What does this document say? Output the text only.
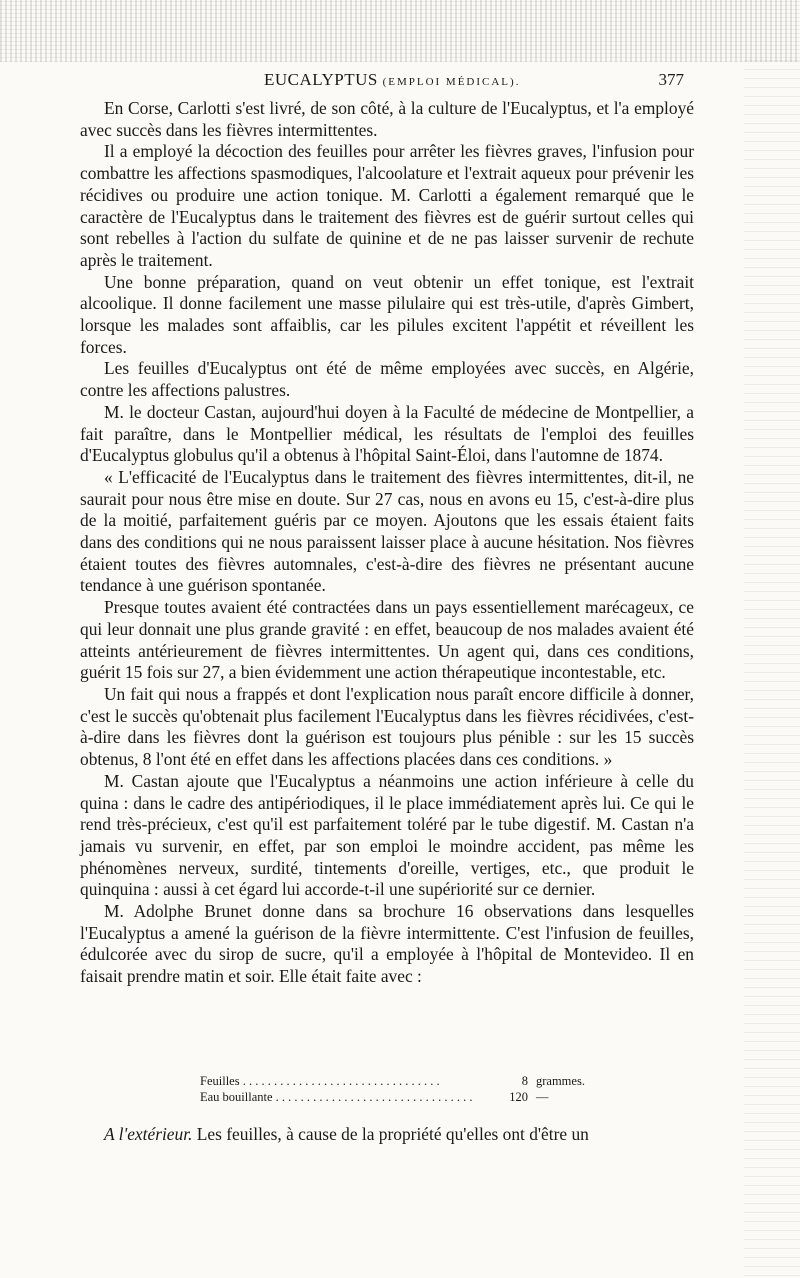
EUCALYPTUS (EMPLOI MÉDICAL).	377

En Corse, Carlotti s'est livré, de son côté, à la culture de l'Eucalyptus, et l'a employé avec succès dans les fièvres intermittentes.

Il a employé la décoction des feuilles pour arrêter les fièvres graves, l'infusion pour combattre les affections spasmodiques, l'alcoolature et l'extrait aqueux pour prévenir les récidives ou produire une action tonique. M. Carlotti a également remarqué que le caractère de l'Eucalyptus dans le traitement des fièvres est de guérir surtout celles qui sont rebelles à l'action du sulfate de quinine et de ne pas laisser survenir de rechute après le traitement.

Une bonne préparation, quand on veut obtenir un effet tonique, est l'extrait alcoolique. Il donne facilement une masse pilulaire qui est très-utile, d'après Gimbert, lorsque les malades sont affaiblis, car les pilules excitent l'appétit et réveillent les forces.

Les feuilles d'Eucalyptus ont été de même employées avec succès, en Algérie, contre les affections palustres.

M. le docteur Castan, aujourd'hui doyen à la Faculté de médecine de Montpellier, a fait paraître, dans le Montpellier médical, les résultats de l'emploi des feuilles d'Eucalyptus globulus qu'il a obtenus à l'hôpital Saint-Éloi, dans l'automne de 1874.

« L'efficacité de l'Eucalyptus dans le traitement des fièvres intermittentes, dit-il, ne saurait pour nous être mise en doute. Sur 27 cas, nous en avons eu 15, c'est-à-dire plus de la moitié, parfaitement guéris par ce moyen. Ajoutons que les essais étaient faits dans des conditions qui ne nous paraissent laisser place à aucune hésitation. Nos fièvres étaient toutes des fièvres automnales, c'est-à-dire des fièvres ne présentant aucune tendance à une guérison spontanée.

Presque toutes avaient été contractées dans un pays essentiellement marécageux, ce qui leur donnait une plus grande gravité : en effet, beaucoup de nos malades avaient été atteints antérieurement de fièvres intermittentes. Un agent qui, dans ces conditions, guérit 15 fois sur 27, a bien évidemment une action thérapeutique incontestable, etc.

Un fait qui nous a frappés et dont l'explication nous paraît encore difficile à donner, c'est le succès qu'obtenait plus facilement l'Eucalyptus dans les fièvres récidivées, c'est-à-dire dans les fièvres dont la guérison est toujours plus pénible : sur les 15 succès obtenus, 8 l'ont été en effet dans les affections placées dans ces conditions. »

M. Castan ajoute que l'Eucalyptus a néanmoins une action inférieure à celle du quina : dans le cadre des antipériodiques, il le place immédiatement après lui. Ce qui le rend très-précieux, c'est qu'il est parfaitement toléré par le tube digestif. M. Castan n'a jamais vu survenir, en effet, par son emploi le moindre accident, pas même les phénomènes nerveux, surdité, tintements d'oreille, vertiges, etc., que produit le quinquina : aussi à cet égard lui accorde-t-il une supériorité sur ce dernier.

M. Adolphe Brunet donne dans sa brochure 16 observations dans lesquelles l'Eucalyptus a amené la guérison de la fièvre intermittente. C'est l'infusion de feuilles, édulcorée avec du sirop de sucre, qu'il a employée à l'hôpital de Montevideo. Il en faisait prendre matin et soir. Elle était faite avec :

Feuilles . . .	8 grammes.
Eau bouillante . . .	120 —

A l'extérieur. Les feuilles, à cause de la propriété qu'elles ont d'être un
